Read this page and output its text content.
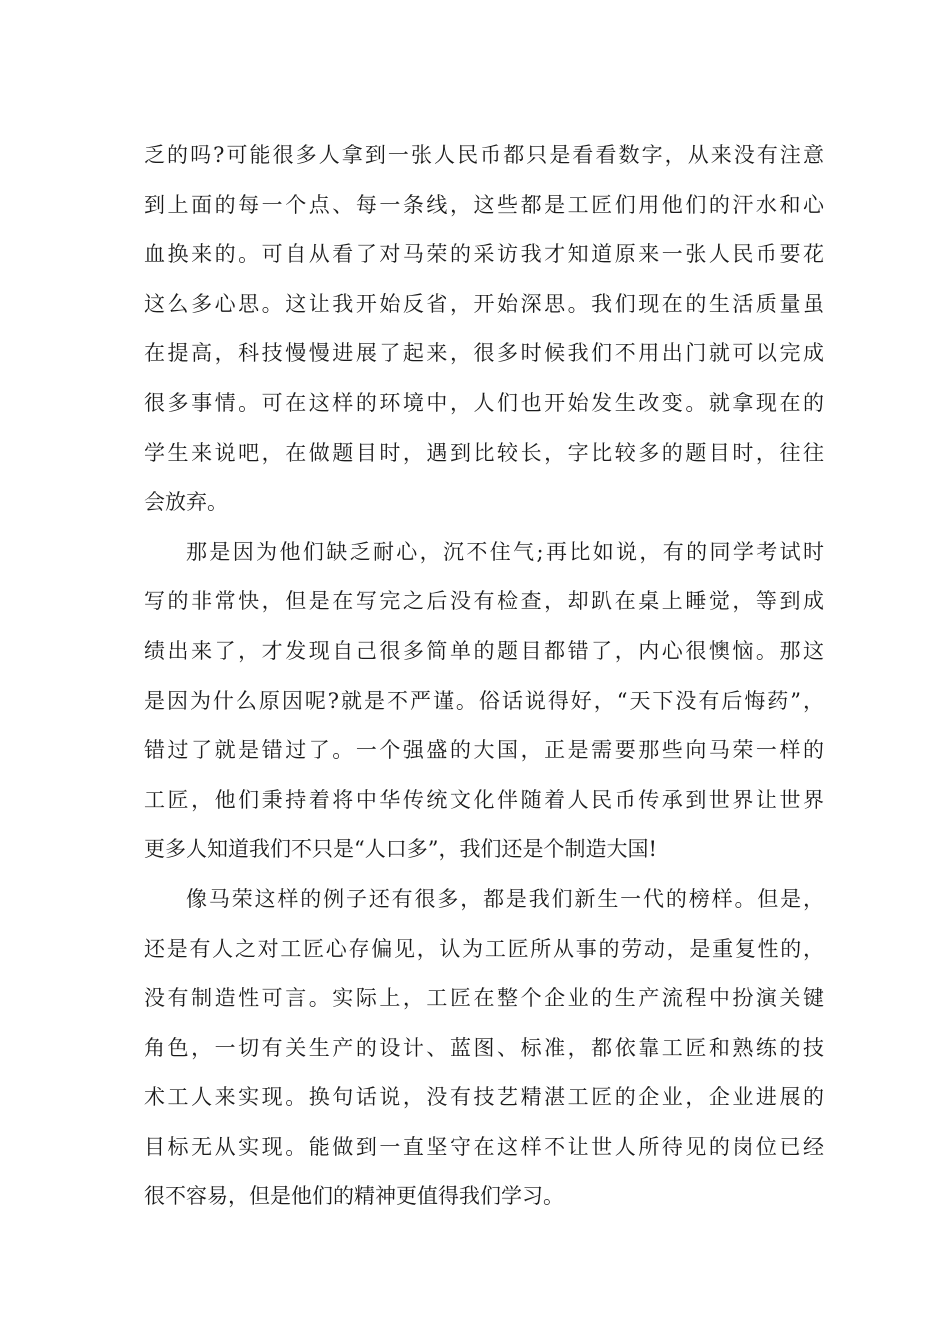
乏的吗?可能很多人拿到一张人民币都只是看看数字，从来没有注意
到上面的每一个点、每一条线，这些都是工匠们用他们的汗水和心
血换来的。可自从看了对马荣的采访我才知道原来一张人民币要花
这么多心思。这让我开始反省，开始深思。我们现在的生活质量虽
在提高，科技慢慢进展了起来，很多时候我们不用出门就可以完成
很多事情。可在这样的环境中，人们也开始发生改变。就拿现在的
学生来说吧，在做题目时，遇到比较长，字比较多的题目时，往往
会放弃。
那是因为他们缺乏耐心，沉不住气;再比如说，有的同学考试时
写的非常快，但是在写完之后没有检查，却趴在桌上睡觉，等到成
绩出来了，才发现自己很多简单的题目都错了，内心很懊恼。那这
是因为什么原因呢?就是不严谨。俗话说得好，“天下没有后悔药”，
错过了就是错过了。一个强盛的大国，正是需要那些向马荣一样的
工匠，他们秉持着将中华传统文化伴随着人民币传承到世界让世界
更多人知道我们不只是“人口多”，我们还是个制造大国!
像马荣这样的例子还有很多，都是我们新生一代的榜样。但是，
还是有人之对工匠心存偏见，认为工匠所从事的劳动，是重复性的，
没有制造性可言。实际上，工匠在整个企业的生产流程中扮演关键
角色，一切有关生产的设计、蓝图、标准，都依靠工匠和熟练的技
术工人来实现。换句话说，没有技艺精湛工匠的企业，企业进展的
目标无从实现。能做到一直坚守在这样不让世人所待见的岗位已经
很不容易，但是他们的精神更值得我们学习。
